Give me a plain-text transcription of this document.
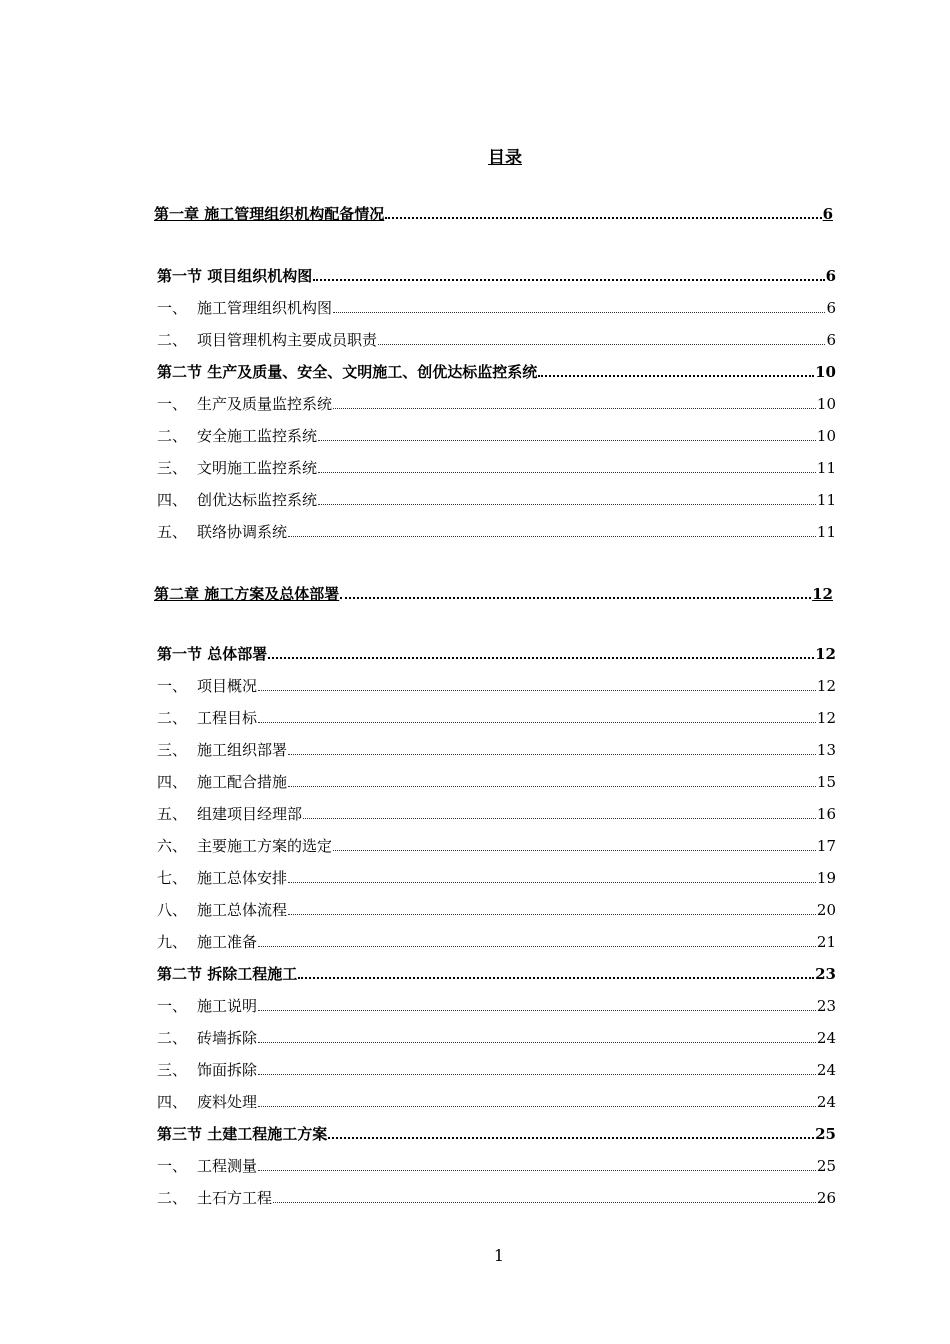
目录
第一章 施工管理组织机构配备情况	6
第一节 项目组织机构图	6
一、 施工管理组织机构图	6
二、 项目管理机构主要成员职责	6
第二节 生产及质量、安全、文明施工、创优达标监控系统	10
一、 生产及质量监控系统	10
二、 安全施工监控系统	10
三、 文明施工监控系统	11
四、 创优达标监控系统	11
五、 联络协调系统	11
第二章 施工方案及总体部署	12
第一节 总体部署	12
一、 项目概况	12
二、 工程目标	12
三、 施工组织部署	13
四、 施工配合措施	15
五、 组建项目经理部	16
六、 主要施工方案的选定	17
七、 施工总体安排	19
八、 施工总体流程	20
九、 施工准备	21
第二节 拆除工程施工	23
一、 施工说明	23
二、 砖墙拆除	24
三、 饰面拆除	24
四、 废料处理	24
第三节 土建工程施工方案	25
一、 工程测量	25
二、 土石方工程	26
1
